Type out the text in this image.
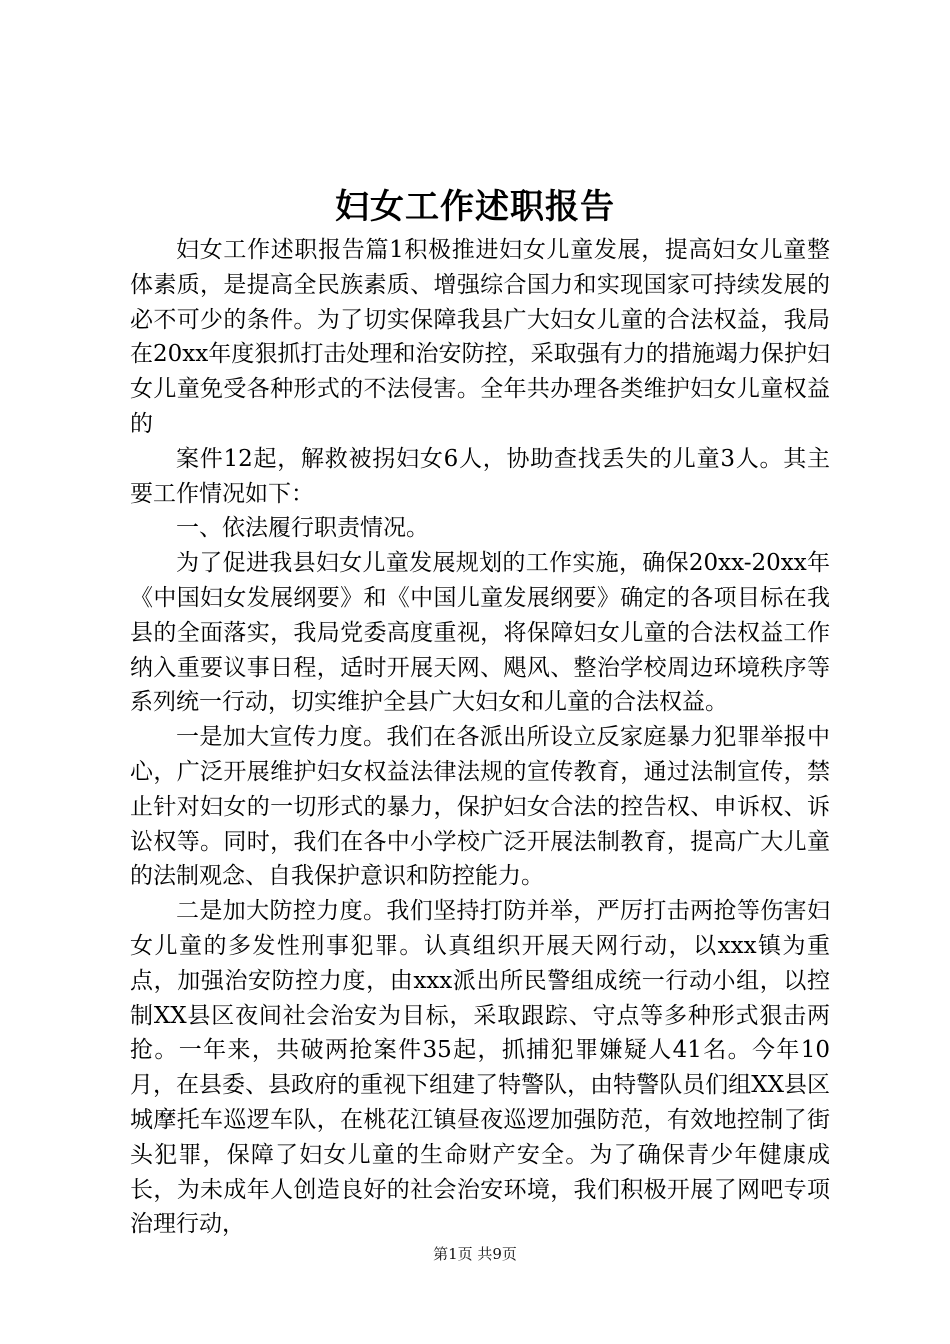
妇女工作述职报告

妇女工作述职报告篇1积极推进妇女儿童发展，提高妇女儿童整体素质，是提高全民族素质、增强综合国力和实现国家可持续发展的必不可少的条件。为了切实保障我县广大妇女儿童的合法权益，我局在20xx年度狠抓打击处理和治安防控，采取强有力的措施竭力保护妇女儿童免受各种形式的不法侵害。全年共办理各类维护妇女儿童权益的

案件12起，解救被拐妇女6人，协助查找丢失的儿童3人。其主要工作情况如下：

一、依法履行职责情况。

为了促进我县妇女儿童发展规划的工作实施，确保20xx-20xx年《中国妇女发展纲要》和《中国儿童发展纲要》确定的各项目标在我县的全面落实，我局党委高度重视，将保障妇女儿童的合法权益工作纳入重要议事日程，适时开展天网、飓风、整治学校周边环境秩序等系列统一行动，切实维护全县广大妇女和儿童的合法权益。

一是加大宣传力度。我们在各派出所设立反家庭暴力犯罪举报中心，广泛开展维护妇女权益法律法规的宣传教育，通过法制宣传，禁止针对妇女的一切形式的暴力，保护妇女合法的控告权、申诉权、诉讼权等。同时，我们在各中小学校广泛开展法制教育，提高广大儿童的法制观念、自我保护意识和防控能力。

二是加大防控力度。我们坚持打防并举，严厉打击两抢等伤害妇女儿童的多发性刑事犯罪。认真组织开展天网行动，以xxx镇为重点，加强治安防控力度，由xxx派出所民警组成统一行动小组，以控制XX县区夜间社会治安为目标，采取跟踪、守点等多种形式狠击两抢。一年来，共破两抢案件35起，抓捕犯罪嫌疑人41名。今年10月，在县委、县政府的重视下组建了特警队，由特警队员们组XX县区城摩托车巡逻车队，在桃花江镇昼夜巡逻加强防范，有效地控制了街头犯罪，保障了妇女儿童的生命财产安全。为了确保青少年健康成长，为未成年人创造良好的社会治安环境，我们积极开展了网吧专项治理行动，

第1页 共9页
